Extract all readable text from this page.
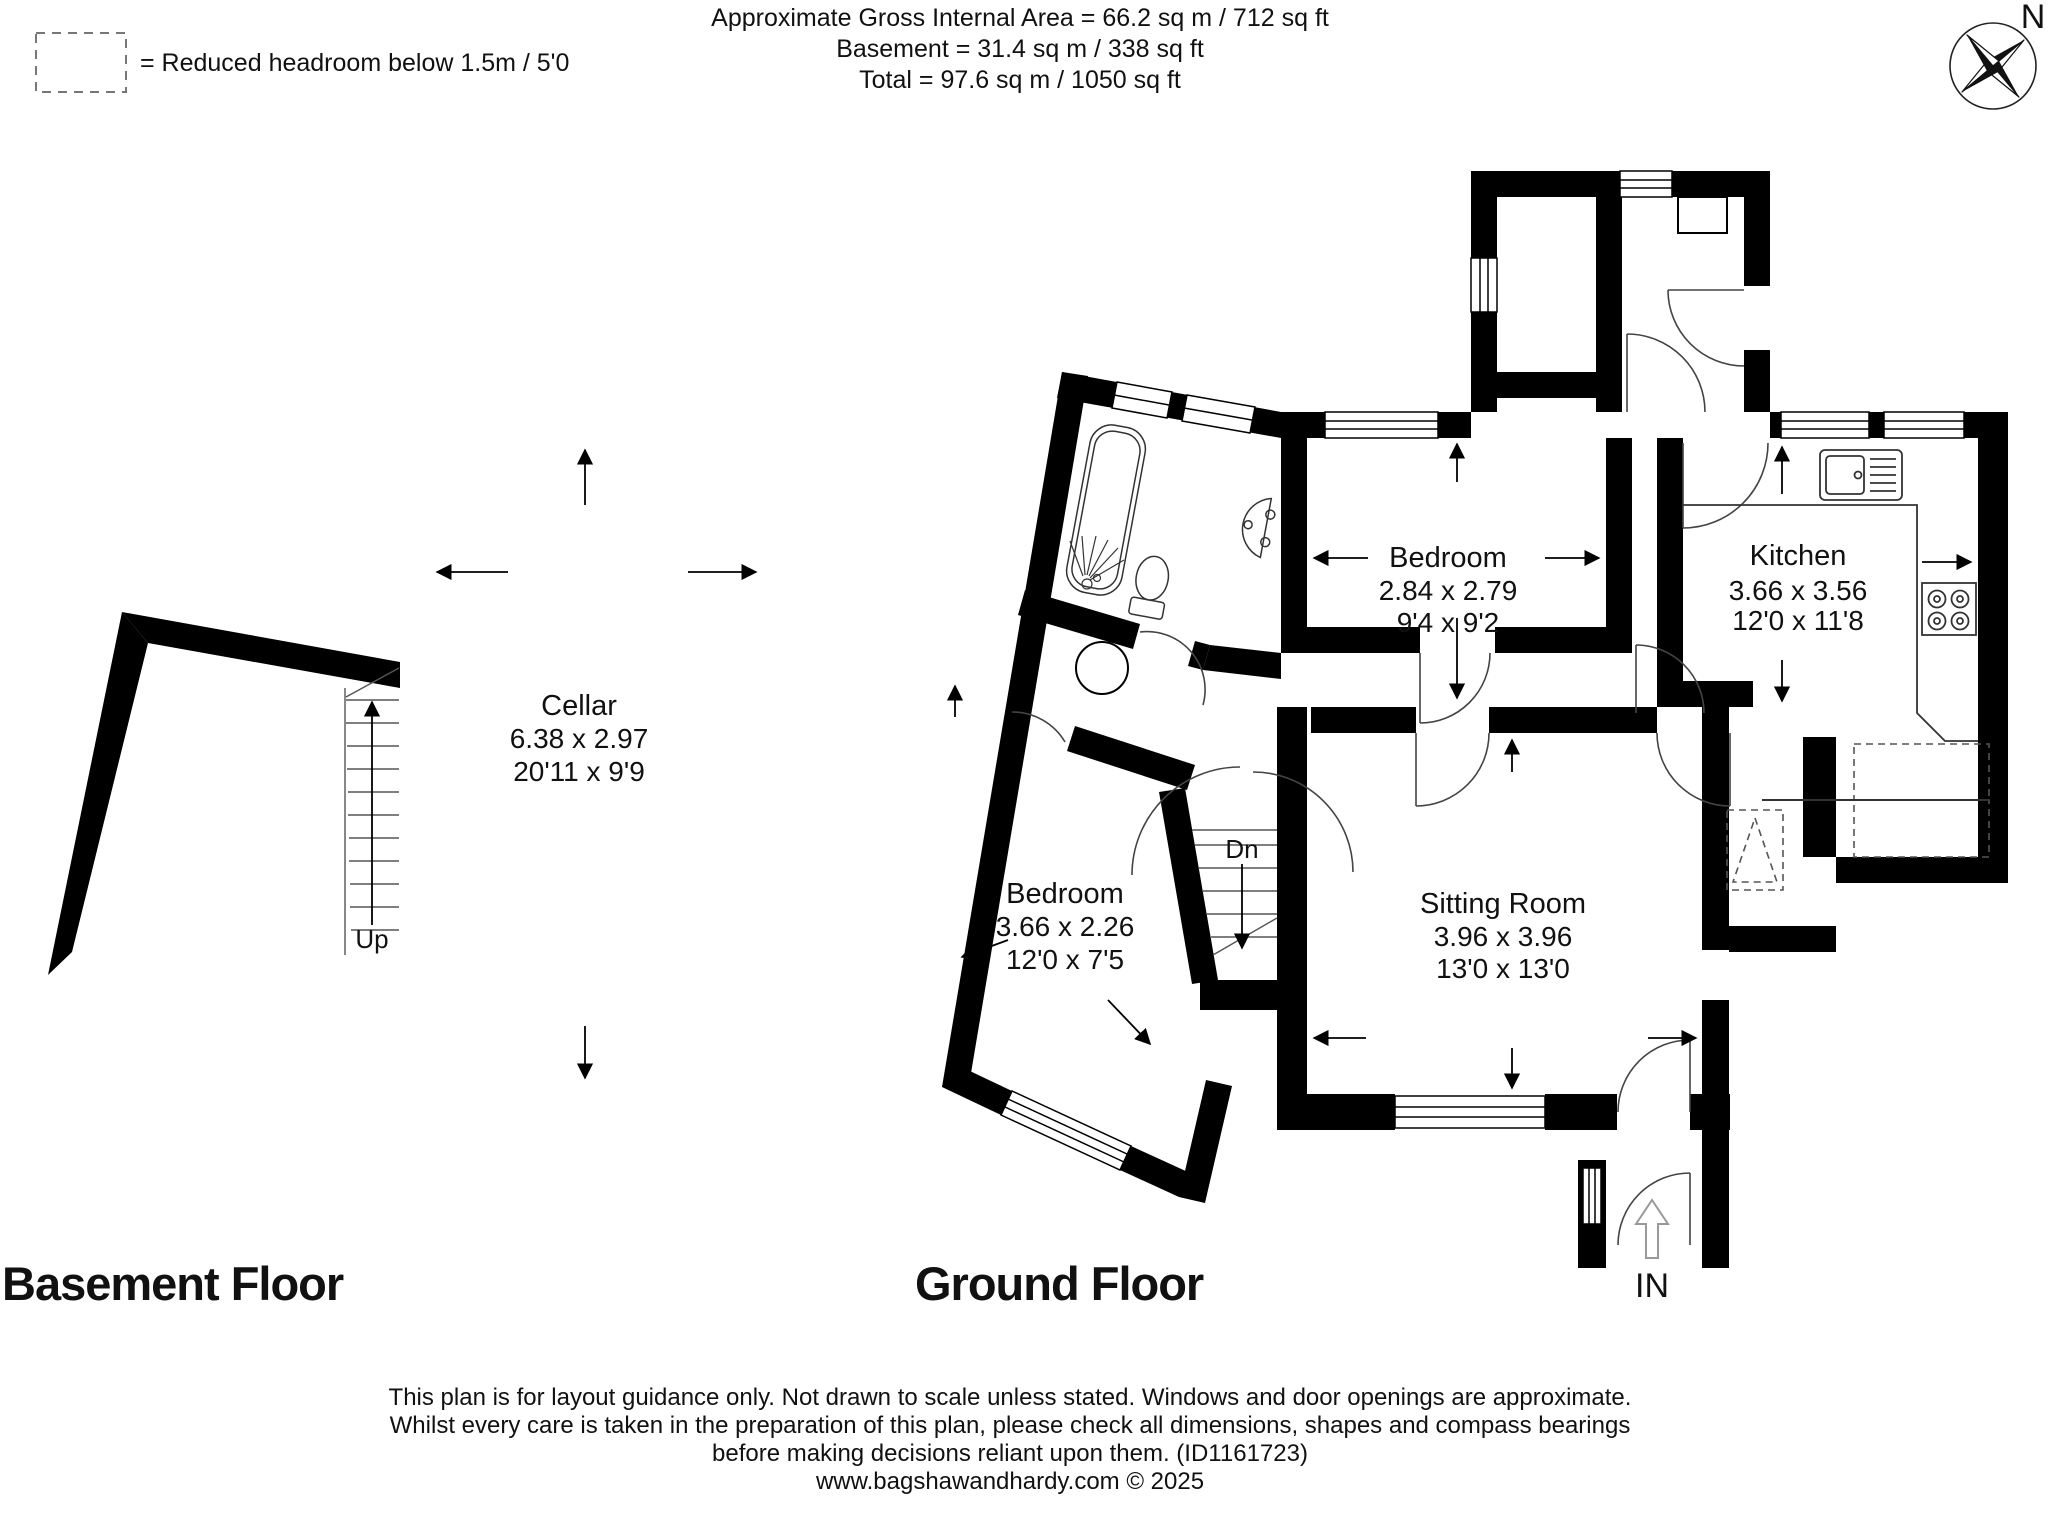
Approximate Gross Internal Area = 66.2 sq m / 712 sq ft
Basement = 31.4 sq m / 338 sq ft
Total = 97.6 sq m / 1050 sq ft
= Reduced headroom below 1.5m / 5'0
N
Up
Cellar
6.38 x 2.97
20'11 x 9'9
Dn
IN
Bedroom
2.84 x 2.79
9'4 x 9'2
Kitchen
3.66 x 3.56
12'0 x 11'8
Sitting Room
3.96 x 3.96
13'0 x 13'0
Bedroom
3.66 x 2.26
12'0 x 7'5
Basement Floor	Ground Floor
This plan is for layout guidance only. Not drawn to scale unless stated. Windows and door openings are approximate.
Whilst every care is taken in the preparation of this plan, please check all dimensions, shapes and compass bearings
before making decisions reliant upon them. (ID1161723)
www.bagshawandhardy.com © 2025
